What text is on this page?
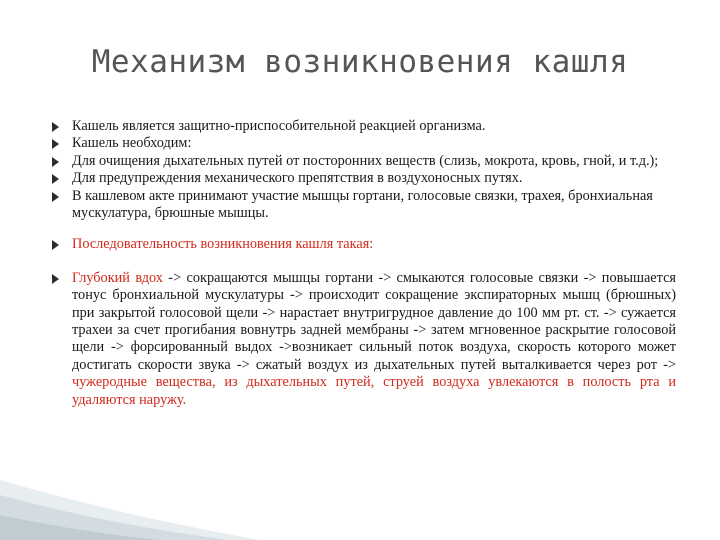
Механизм возникновения кашля
Кашель является защитно-приспособительной реакцией организма.
Кашель необходим:
Для очищения дыхательных путей от посторонних веществ (слизь, мокрота, кровь, гной, и т.д.);
Для предупреждения механического препятствия в воздухоносных путях.
В кашлевом акте принимают участие мышцы гортани, голосовые связки, трахея, бронхиальная мускулатура, брюшные мышцы.
Последовательность возникновения кашля такая:
Глубокий вдох -> сокращаются мышцы гортани -> смыкаются голосовые связки -> повышается тонус бронхиальной мускулатуры -> происходит сокращение экспираторных мышц (брюшных) при закрытой голосовой щели -> нарастает внутригрудное давление до 100 мм рт. ст. -> сужается трахеи за счет прогибания вовнутрь задней мембраны -> затем мгновенное раскрытие голосовой щели -> форсированный выдох ->возникает сильный поток воздуха, скорость которого может достигать скорости звука -> сжатый воздух из дыхательных путей выталкивается через рот -> чужеродные вещества, из дыхательных путей, струей воздуха увлекаются в полость рта и удаляются наружу.
